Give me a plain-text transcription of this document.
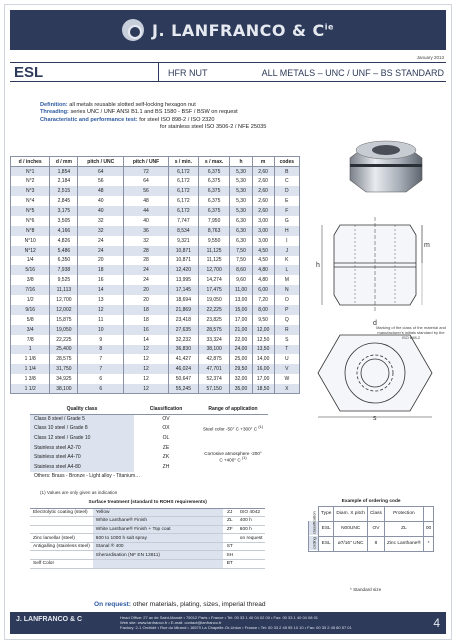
J. LANFRANCO & $C^{ie}$
ESL
January 2013
HFR NUT	ALL METALS – UNC / UNF – BS STANDARD
Definition: all metals reusable slotted self-locking hexagon nut
Threading: series UNC / UNF ANSI B1.1 and BS 1580 - BSF / BSW on request
Characteristic and performance test: for steel ISO 898-2 / ISO 2320
for stainless steel ISO 3506-2 / NFE 25035
d / inches	d / mm	pitch / UNC	pitch / UNF	s / min.	s / max.	h	m	codes
N°1	1,854	64	72	6,172	6,375	5,30	2,60	B
N°2	2,184	56	64	6,172	6,375	5,30	2,60	C
N°3	2,515	48	56	6,172	6,375	5,30	2,60	D
N°4	2,845	40	48	6,172	6,375	5,30	2,60	E
N°5	3,175	40	44	6,172	6,375	5,30	2,60	F
N°6	3,505	32	40	7,747	7,950	6,30	3,00	G
N°8	4,166	32	36	8,534	8,763	6,30	3,00	H
N°10	4,826	24	32	9,321	9,550	6,30	3,00	I
N°12	5,486	24	28	10,871	11,125	7,50	4,50	J
1/4	6,350	20	28	10,871	11,125	7,50	4,50	K
5/16	7,938	18	24	12,420	12,700	8,60	4,80	L
3/8	9,525	16	24	13,995	14,274	9,60	4,80	M
7/16	11,113	14	20	17,145	17,475	11,00	6,00	N
1/2	12,700	13	20	18,694	19,050	13,00	7,20	O
9/16	12,002	12	18	21,869	22,225	15,00	8,00	P
5/8	15,875	11	18	23,418	23,825	17,00	9,50	Q
3/4	19,050	10	16	27,635	28,575	21,00	12,00	R
7/8	22,225	9	14	32,232	33,324	22,00	12,50	S
1	25,400	8	12	36,830	38,100	24,00	13,50	T
1 1/8	28,575	7	12	41,427	42,875	25,00	14,00	U
1 1/4	31,750	7	12	46,024	47,701	29,50	16,00	V
1 3/8	34,925	6	12	50,647	52,374	32,00	17,00	W
1 1/2	38,100	6	12	55,245	57,150	35,00	18,50	X
h
m
d
s
Marking of the class of the material and manufacturer's initials standard by the ISO 898-2
Quality class	Classification	Range of application
Class 8 steel / Grade 5	OV	Steel color -50° C +300° C $^{(1)}$
Class 10 steel / Grade 8	OX	
Class 12 steel / Grade 10	OL	
Stainless steel A2-70	ZE	Corrosive atmosphere -200° C +400° C $^{(1)}$
Stainless steel A4-70	ZK	
Stainless steel A4-80	ZH	
Others: Brass - Bronze - Light alloy - Titanium…		
(1) Values are only given as indication
Surface treatment (standard to ROHS requirements)			
Electrolytic coating (steel)	Yellow	ZJ	ISO 4042
	White Lanthane® Finish	ZL	400 h
	White Lanthane® Finish + Top coat	ZF	600 h
Zinc lamellar (steel)	600 to 1000 h salt spray		on request
Antigalling (stainless steel)	Stanal ® 400	ST	
	Sherardisation (NF EN 13811)	SH	
Self Color		BT	
Example of ordering code					
	Type	Diam. X pitch	Class	Protection	
classification	ESL	N00UNC	OV	ZL	00
coding	ESL	ø7/16" UNC	8	Zinc Lanthane®	*
* Standard size
On request: other materials, plating, sizes, imperial thread
J. LANFRANCO & C	Head Office: 27 av de Saint-Mandé • 75012 Paris • France • Tel: 00 33 1 40 04 02 00 • Fax: 00 33 1 40 04 08 01
Web site: www.lanfranco.fr • E-mail: contact@lanfranco.fr
Factory: 2-1 Orchidé • Rue du Mirand • 16570 La Chapelle-Or-Union • France • Tel: 00 33 2 45 95 10 10 • Fax: 00 33 2 45 60 57 01	4
